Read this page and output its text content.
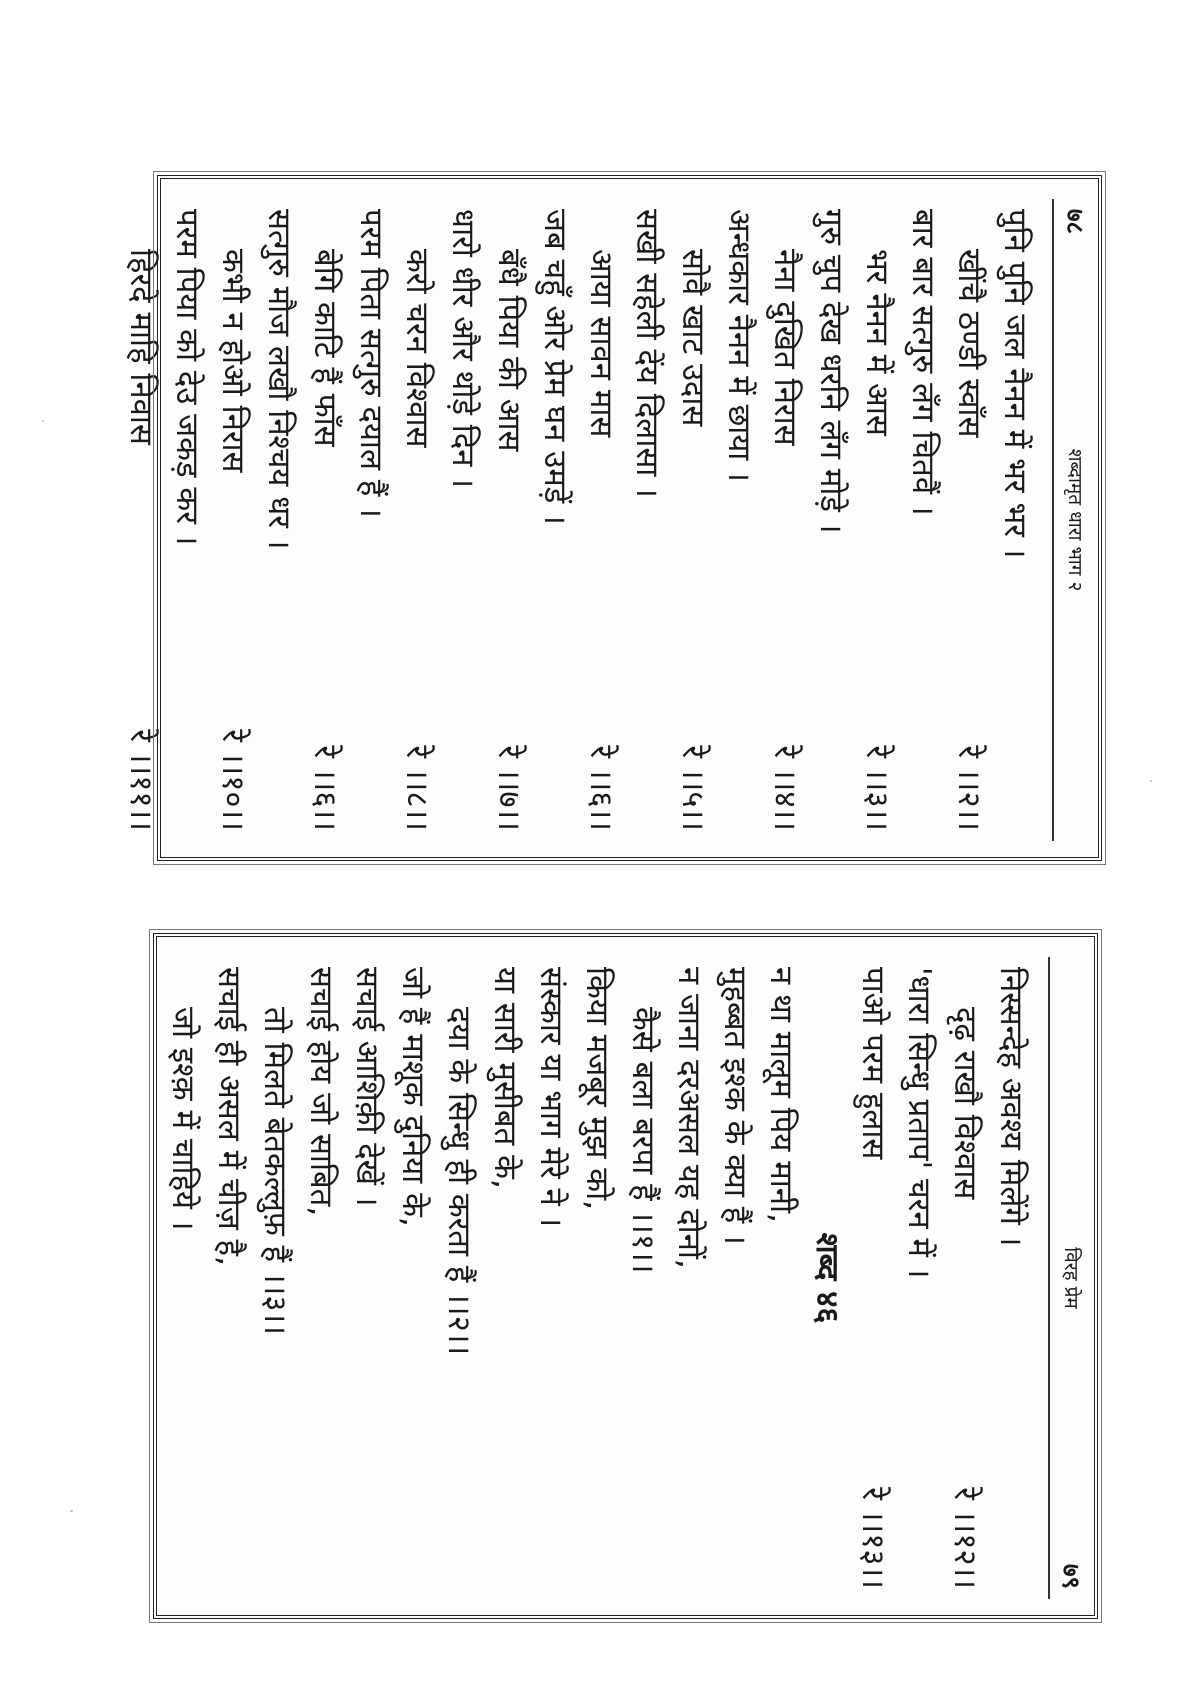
७८
शब्दामृत धारा भाग २
पुनि पुनि जल नैनन में भर भर ।
खींचै ठण्डी स्वाँस
रे ।।२।।
बार बार सत्गुरु लँग चितवैं ।
भर नैनन में आस
रे ।।३।।
गुरु चुप देख धरनि लँग मोड़े ।
नैना दुखित निरास
रे ।।४।।
अन्धकार नैनन में छाया ।
सोवै खाट उदास
रे ।।५।।
सखी सहेली देंय दिलासा ।
आया सावन मास
रे ।।६।।
जब चहुँ ओर प्रेम घन उमड़ें ।
बँधै पिया की आस
रे ।।७।।
धारो धीर औैर थोड़े दिन ।
करो चरन विश्वास
रे ।।८।।
परम पिता सत्गुरु दयाल हैं ।
बेगि काटि हैं फाँस
रे ।।६।।
सत्गुरु मौज लखौ निश्चय धर ।
कभी न होओ निरास
रे ।।१०।।
परम पिया को देउ जकड़ कर ।
हिरदे माहि निवास
रे ।।११।।
विरह प्रेम
७९
निस्सन्देह अवश्य मिलेंगे ।
दृढ़ राखौ विश्वास
रे ।।१२।।
'धारा सिन्धु प्रताप' चरन में ।
पाओ परम हुलास
रे ।।१३।।
शब्द ४६
न था मालूम पिय मानी,
मुहब्बत इश्क के क्या हैं ।
न जाना दरअसल यह दोनों,
कैसे बला बरपा हैं ।।१।।
किया मजबूर मुझ को,
संस्कार या भाग मेरे ने ।
या सारी मुसीबत के,
दया के सिन्धु ही करता हैं ।।२।।
जो हैं माशूक दुनिया के,
सचाई आशिक़ी देखें ।
सचाई होय जो साबित,
तो मिलते बेतकल्लुफ़ हैं ।।३।।
सचाई ही असल में चीज़ है,
जो इश्क़ में चाहिये ।
